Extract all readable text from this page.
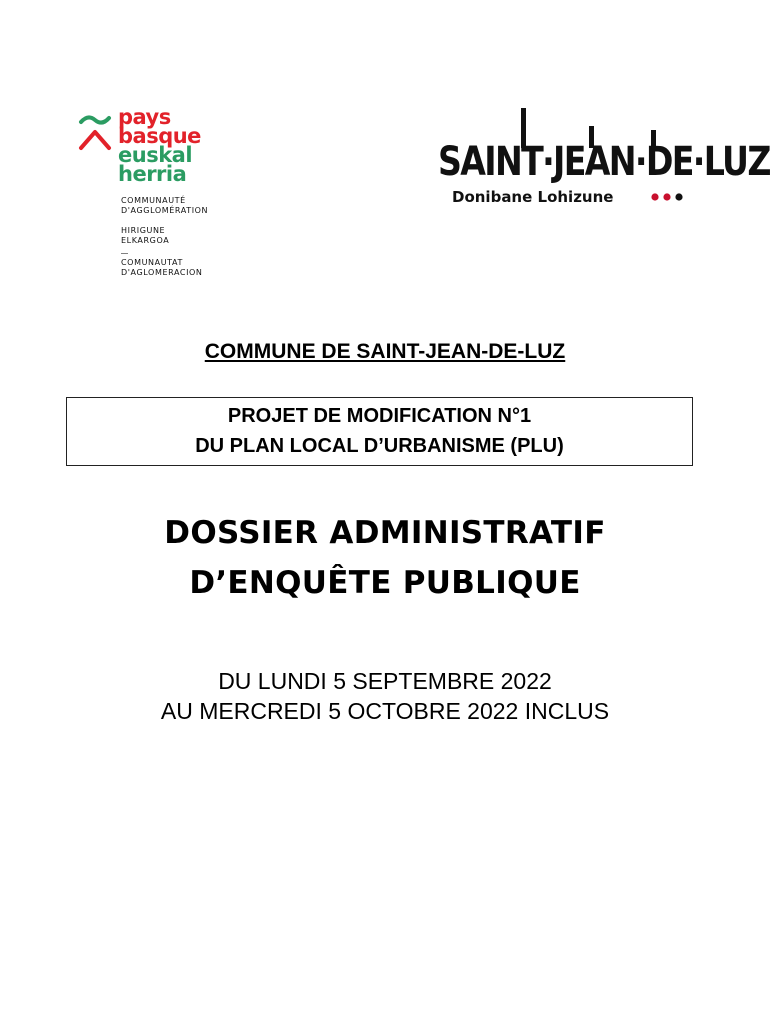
pays
basque
euskal
herria
COMMUNAUTÉ
D'AGGLOMÉRATION
HIRIGUNE
ELKARGOA
—
COMUNAUTAT
D'AGLOMERACION
SAINT·JEAN·DE·LUZ
Donibane Lohizune
COMMUNE DE SAINT-JEAN-DE-LUZ
PROJET DE MODIFICATION N°1
DU PLAN LOCAL D’URBANISME (PLU)
DOSSIER ADMINISTRATIF
D’ENQUÊTE PUBLIQUE
DU LUNDI 5 SEPTEMBRE 2022
AU MERCREDI 5 OCTOBRE 2022 INCLUS
